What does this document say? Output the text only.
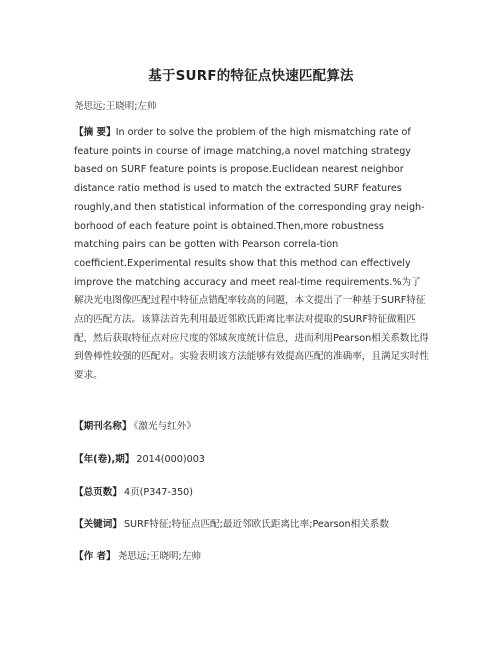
基于SURF的特征点快速匹配算法
尧思远;王晓明;左帅
【摘 要】In order to solve the problem of the high mismatching rate of feature points in course of image matching,a novel matching strategy based on SURF feature points is propose.Euclidean nearest neighbor distance ratio method is used to match the extracted SURF features roughly,and then statistical information of the corresponding gray neigh-borhood of each feature point is obtained.Then,more robustness matching pairs can be gotten with Pearson correla-tion coefficient.Experimental results show that this method can effectively improve the matching accuracy and meet real-time requirements.%为了解决光电图像匹配过程中特征点错配率较高的问题，本文提出了一种基于SURF特征点的匹配方法。该算法首先利用最近邻欧氏距离比率法对提取的SURF特征做粗匹配，然后获取特征点对应尺度的邻域灰度统计信息，进而利用Pearson相关系数比得到鲁棒性较强的匹配对。实验表明该方法能够有效提高匹配的准确率，且满足实时性要求。
【期刊名称】 《激光与红外》
【年(卷),期】 2014(000)003
【总页数】 4页(P347-350)
【关键词】 SURF特征;特征点匹配;最近邻欧氏距离比率;Pearson相关系数
【作 者】 尧思远;王晓明;左帅
